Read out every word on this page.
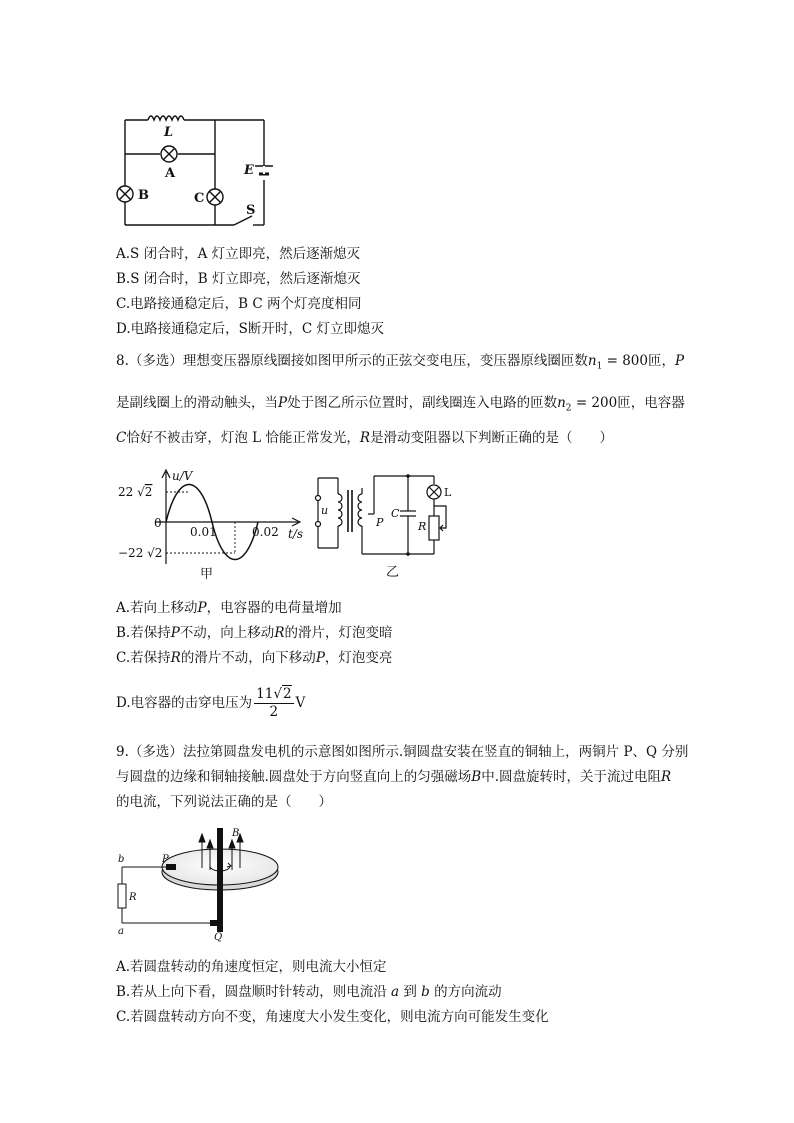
L
A
B	C
E
S
A.S 闭合时，A 灯立即亮，然后逐渐熄灭
B.S 闭合时，B 灯立即亮，然后逐渐熄灭
C.电路接通稳定后，B C 两个灯亮度相同
D.电路接通稳定后，S断开时，C 灯立即熄灭
8.（多选）理想变压器原线圈接如图甲所示的正弦交变电压，变压器原线圈匝数$n_1 = 800$匝，P
是副线圈上的滑动触头，当P处于图乙所示位置时，副线圈连入电路的匝数$n_2 = 200$匝，电容器
C恰好不被击穿，灯泡 L 恰能正常发光，R是滑动变阻器以下判断正确的是（　　）
u/V
22 √2
0
−22 √2
0.01	0.02 t/s
甲
u
P
C
L
R
乙
A.若向上移动P，电容器的电荷量增加
B.若保持P不动，向上移动R的滑片，灯泡变暗
C.若保持R的滑片不动，向下移动P，灯泡变亮
D.电容器的击穿电压为 $\frac{11√2}{2}$ V
9.（多选）法拉第圆盘发电机的示意图如图所示.铜圆盘安装在竖直的铜轴上，两铜片 P、Q 分别
与圆盘的边缘和铜轴接触.圆盘处于方向竖直向上的匀强磁场B中.圆盘旋转时，关于流过电阻R
的电流，下列说法正确的是（　　）
B
P
Q
R
b
a
A.若圆盘转动的角速度恒定，则电流大小恒定
B.若从上向下看，圆盘顺时针转动，则电流沿 a 到 b 的方向流动
C.若圆盘转动方向不变，角速度大小发生变化，则电流方向可能发生变化
